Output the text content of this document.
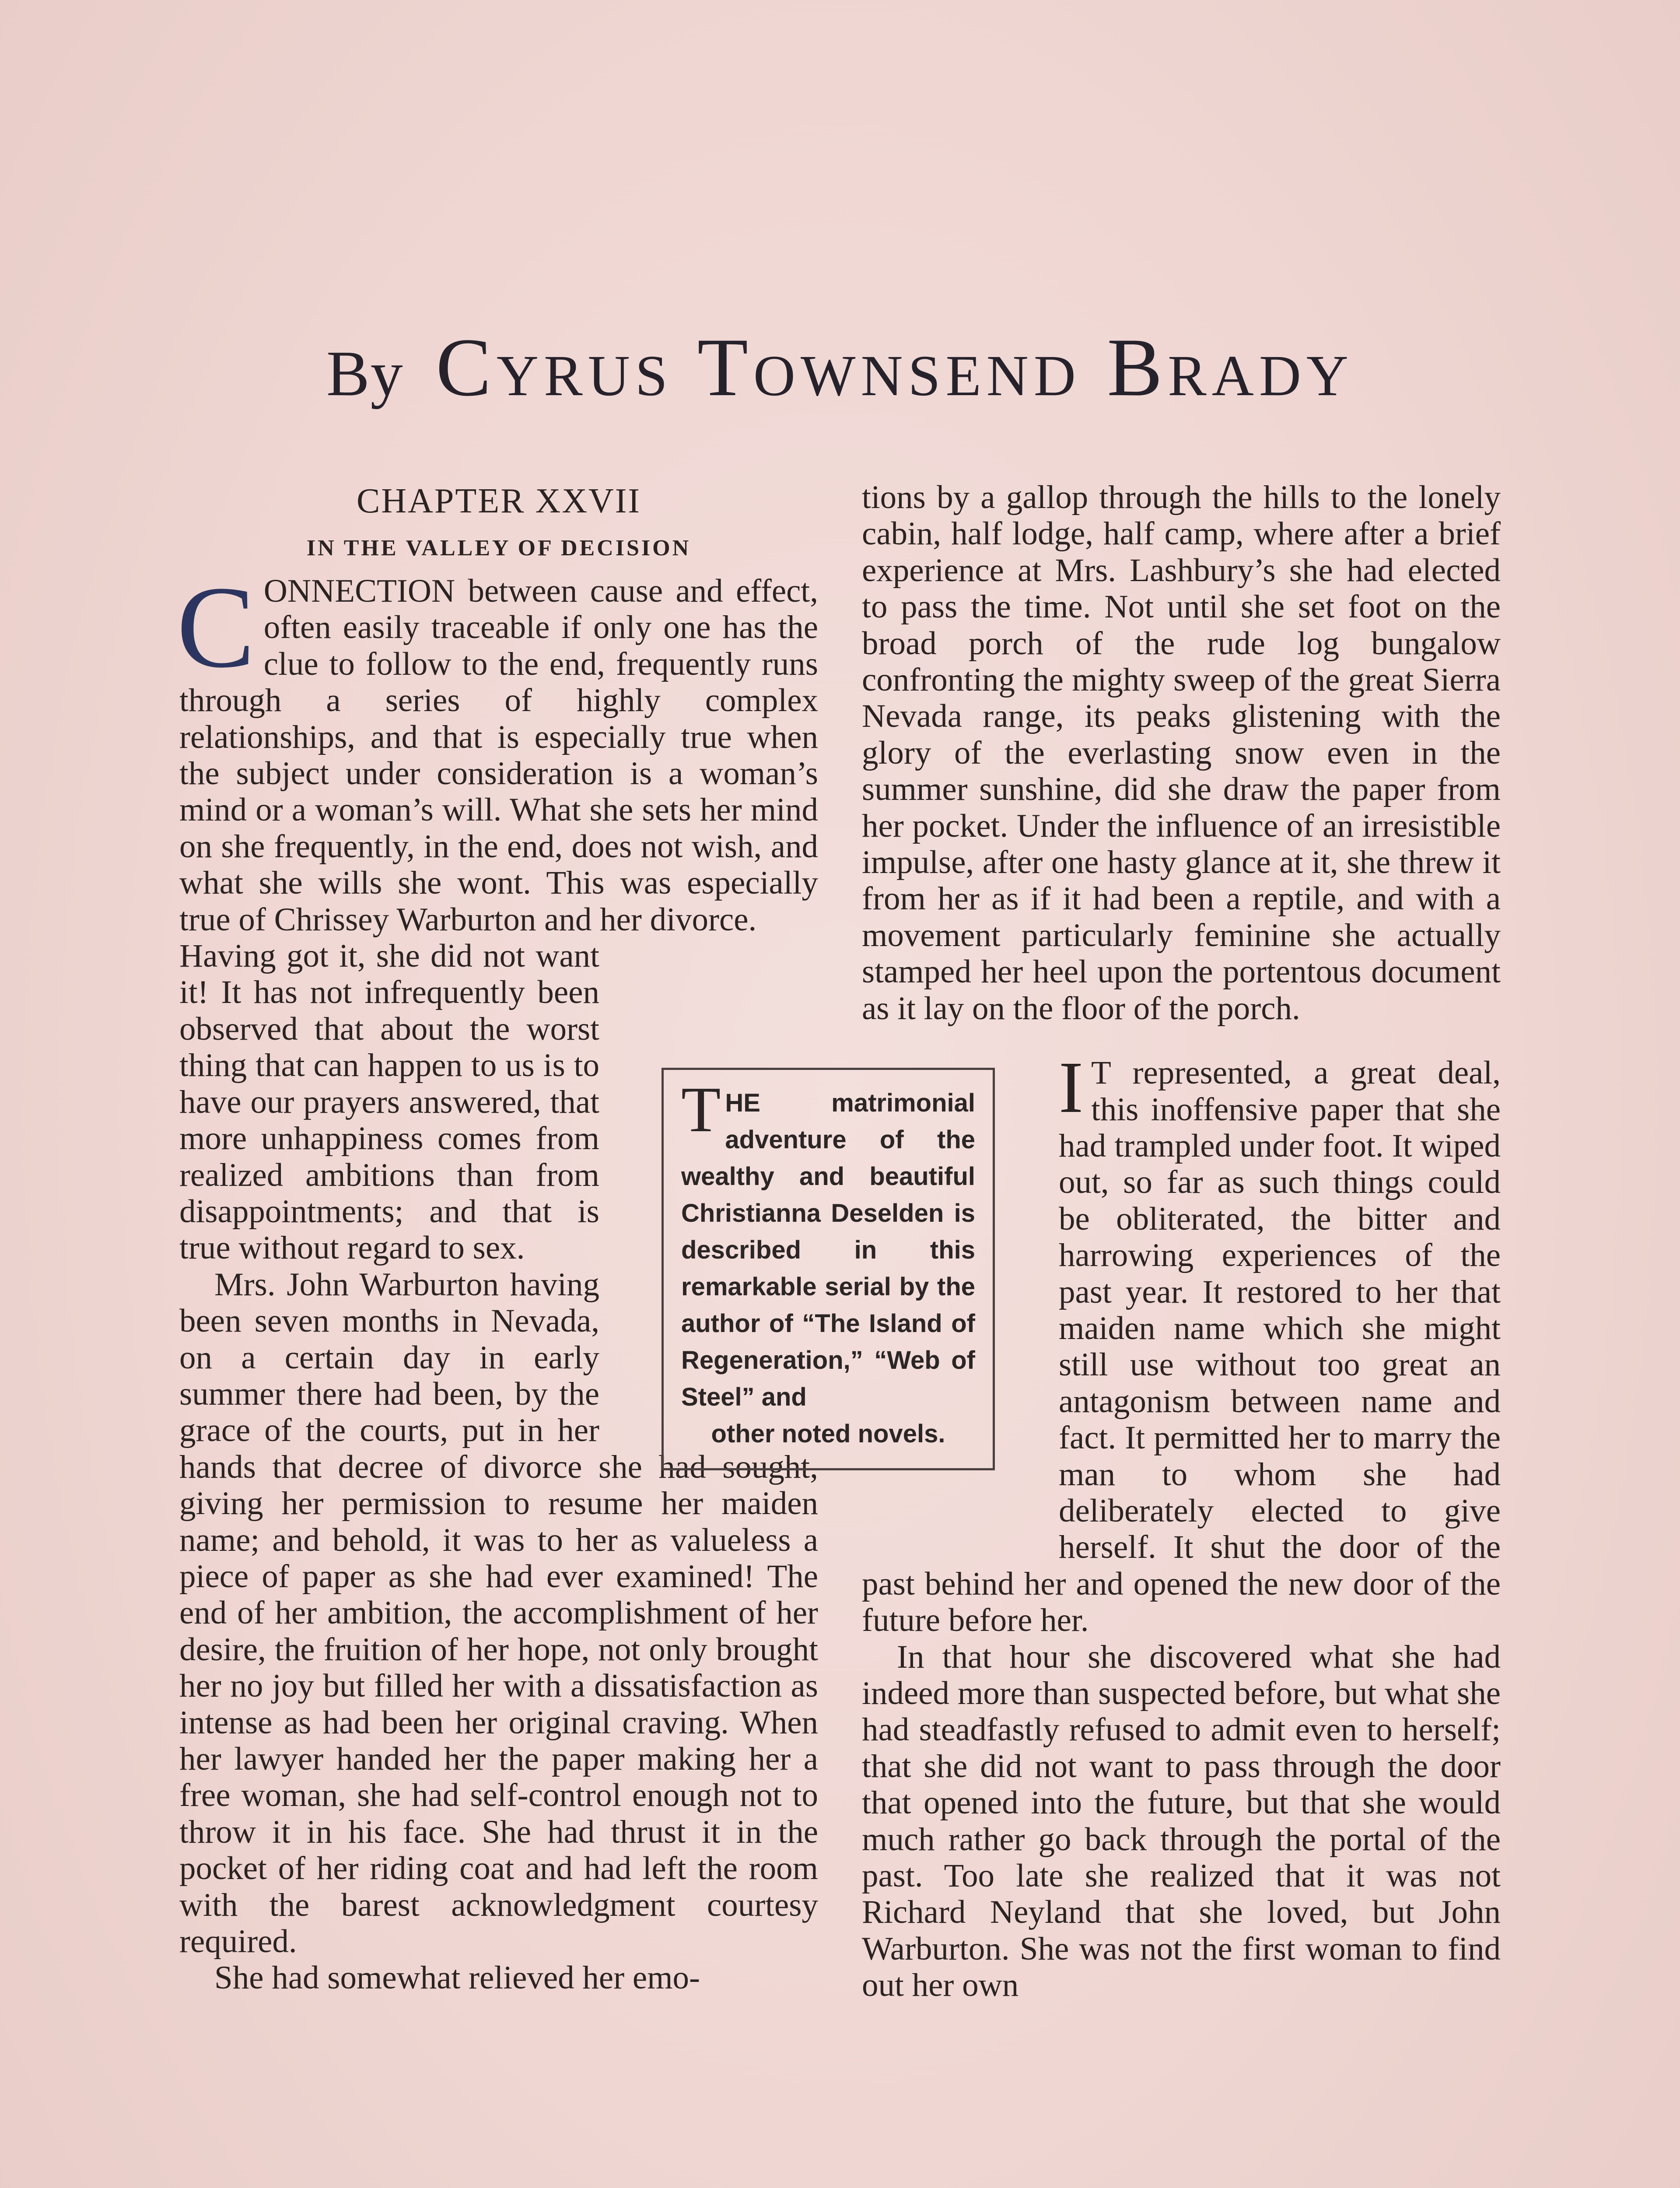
By Cyrus Townsend Brady

CHAPTER XXVII

IN THE VALLEY OF DECISION

CONNECTION between cause and effect, often easily traceable if only one has the clue to follow to the end, frequently runs through a series of highly complex relationships, and that is especially true when the subject under consideration is a woman’s mind or a woman’s will. What she sets her mind on she frequently, in the end, does not wish, and what she wills she wont. This was especially true of Chrissey Warburton and her divorce.

Having got it, she did not want it! It has not infrequently been observed that about the worst thing that can happen to us is to have our prayers answered, that more unhappiness comes from realized ambitions than from disappointments; and that is true without regard to sex.

Mrs. John Warburton having been seven months in Nevada, on a certain day in early summer there had been, by the grace of the courts, put in her hands that decree of divorce she had sought, giving her permission to resume her maiden name; and behold, it was to her as valueless a piece of paper as she had ever examined! The end of her ambition, the accomplishment of her desire, the fruition of her hope, not only brought her no joy but filled her with a dissatisfaction as intense as had been her original craving. When her lawyer handed her the paper making her a free woman, she had self-control enough not to throw it in his face. She had thrust it in the pocket of her riding coat and had left the room with the barest acknowledgment courtesy required.

She had somewhat relieved her emo-

tions by a gallop through the hills to the lonely cabin, half lodge, half camp, where after a brief experience at Mrs. Lashbury’s she had elected to pass the time. Not until she set foot on the broad porch of the rude log bungalow confronting the mighty sweep of the great Sierra Nevada range, its peaks glistening with the glory of the everlasting snow even in the summer sunshine, did she draw the paper from her pocket. Under the influence of an irresistible impulse, after one hasty glance at it, she threw it from her as if it had been a reptile, and with a movement particularly feminine she actually stamped her heel upon the portentous document as it lay on the floor of the porch.

I T represented, a great deal, this inoffensive paper that she had trampled under foot. It wiped out, so far as such things could be obliterated, the bitter and harrowing experiences of the past year. It restored to her that maiden name which she might still use without too great an antagonism between name and fact. It permitted her to marry the man to whom she had deliberately elected to give herself. It shut the door of the past behind her and opened the new door of the future before her.

In that hour she discovered what she had indeed more than suspected before, but what she had steadfastly refused to admit even to herself; that she did not want to pass through the door that opened into the future, but that she would much rather go back through the portal of the past. Too late she realized that it was not Richard Neyland that she loved, but John Warburton. She was not the first woman to find out her own

THE matrimonial adventure of the wealthy and beautiful Christianna Deselden is described in this remarkable serial by the author of “The Island of Regeneration,” “Web of Steel” and
other noted novels.
